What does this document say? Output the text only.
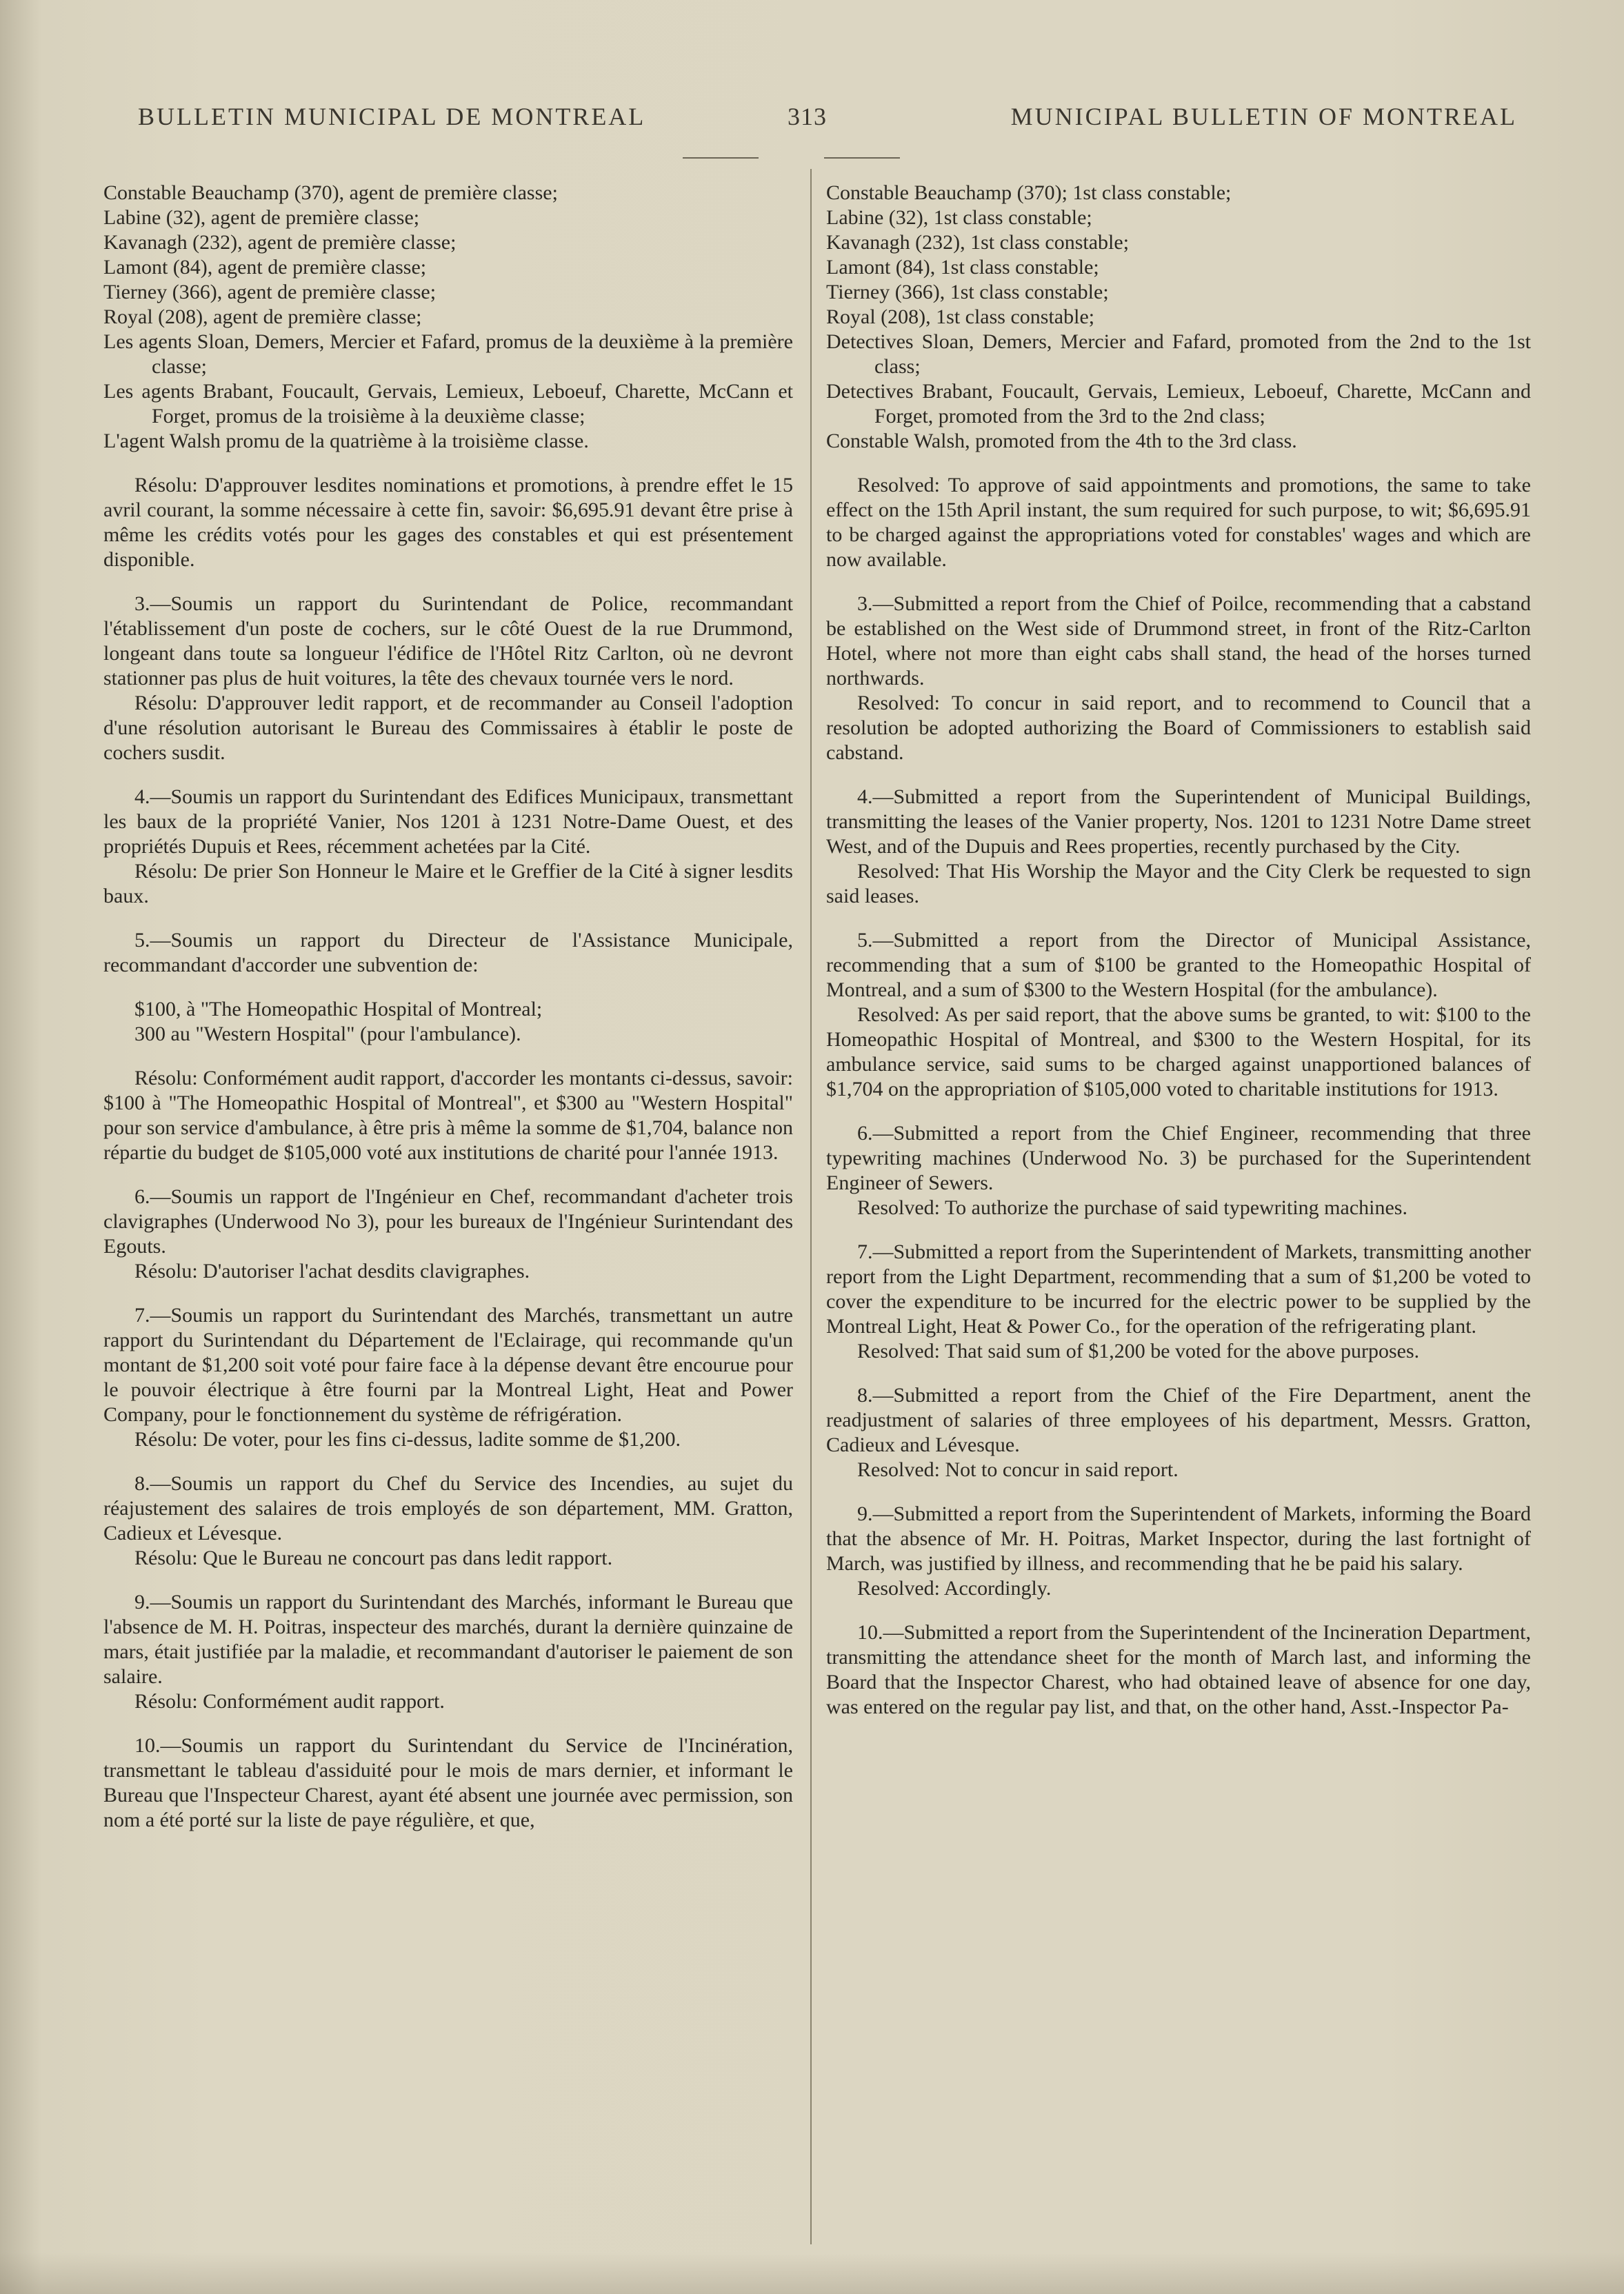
BULLETIN MUNICIPAL DE MONTREAL	313	MUNICIPAL BULLETIN OF MONTREAL

Constable Beauchamp (370), agent de première classe;

Labine (32), agent de première classe;

Kavanagh (232), agent de première classe;

Lamont (84), agent de première classe;

Tierney (366), agent de première classe;

Royal (208), agent de première classe;

Les agents Sloan, Demers, Mercier et Fafard, promus de la deuxième à la première classe;

Les agents Brabant, Foucault, Gervais, Lemieux, Leboeuf, Charette, McCann et Forget, promus de la troisième à la deuxième classe;

L'agent Walsh promu de la quatrième à la troisième classe.

Résolu: D'approuver lesdites nominations et promotions, à prendre effet le 15 avril courant, la somme nécessaire à cette fin, savoir: $6,695.91 devant être prise à même les crédits votés pour les gages des constables et qui est présentement disponible.

3.—Soumis un rapport du Surintendant de Police, recommandant l'établissement d'un poste de cochers, sur le côté Ouest de la rue Drummond, longeant dans toute sa longueur l'édifice de l'Hôtel Ritz Carlton, où ne devront stationner pas plus de huit voitures, la tête des chevaux tournée vers le nord.

Résolu: D'approuver ledit rapport, et de recommander au Conseil l'adoption d'une résolution autorisant le Bureau des Commissaires à établir le poste de cochers susdit.

4.—Soumis un rapport du Surintendant des Edifices Municipaux, transmettant les baux de la propriété Vanier, Nos 1201 à 1231 Notre-Dame Ouest, et des propriétés Dupuis et Rees, récemment achetées par la Cité.

Résolu: De prier Son Honneur le Maire et le Greffier de la Cité à signer lesdits baux.

5.—Soumis un rapport du Directeur de l'Assistance Municipale, recommandant d'accorder une subvention de:

$100, à "The Homeopathic Hospital of Montreal;

300 au "Western Hospital" (pour l'ambulance).

Résolu: Conformément audit rapport, d'accorder les montants ci-dessus, savoir: $100 à "The Homeopathic Hospital of Montreal", et $300 au "Western Hospital" pour son service d'ambulance, à être pris à même la somme de $1,704, balance non répartie du budget de $105,000 voté aux institutions de charité pour l'année 1913.

6.—Soumis un rapport de l'Ingénieur en Chef, recommandant d'acheter trois clavigraphes (Underwood No 3), pour les bureaux de l'Ingénieur Surintendant des Egouts.

Résolu: D'autoriser l'achat desdits clavigraphes.

7.—Soumis un rapport du Surintendant des Marchés, transmettant un autre rapport du Surintendant du Département de l'Eclairage, qui recommande qu'un montant de $1,200 soit voté pour faire face à la dépense devant être encourue pour le pouvoir électrique à être fourni par la Montreal Light, Heat and Power Company, pour le fonctionnement du système de réfrigération.

Résolu: De voter, pour les fins ci-dessus, ladite somme de $1,200.

8.—Soumis un rapport du Chef du Service des Incendies, au sujet du réajustement des salaires de trois employés de son département, MM. Gratton, Cadieux et Lévesque.

Résolu: Que le Bureau ne concourt pas dans ledit rapport.

9.—Soumis un rapport du Surintendant des Marchés, informant le Bureau que l'absence de M. H. Poitras, inspecteur des marchés, durant la dernière quinzaine de mars, était justifiée par la maladie, et recommandant d'autoriser le paiement de son salaire.

Résolu: Conformément audit rapport.

10.—Soumis un rapport du Surintendant du Service de l'Incinération, transmettant le tableau d'assiduité pour le mois de mars dernier, et informant le Bureau que l'Inspecteur Charest, ayant été absent une journée avec permission, son nom a été porté sur la liste de paye régulière, et que,

Constable Beauchamp (370); 1st class constable;

Labine (32), 1st class constable;

Kavanagh (232), 1st class constable;

Lamont (84), 1st class constable;

Tierney (366), 1st class constable;

Royal (208), 1st class constable;

Detectives Sloan, Demers, Mercier and Fafard, promoted from the 2nd to the 1st class;

Detectives Brabant, Foucault, Gervais, Lemieux, Leboeuf, Charette, McCann and Forget, promoted from the 3rd to the 2nd class;

Constable Walsh, promoted from the 4th to the 3rd class.

Resolved: To approve of said appointments and promotions, the same to take effect on the 15th April instant, the sum required for such purpose, to wit; $6,695.91 to be charged against the appropriations voted for constables' wages and which are now available.

3.—Submitted a report from the Chief of Poilce, recommending that a cabstand be established on the West side of Drummond street, in front of the Ritz-Carlton Hotel, where not more than eight cabs shall stand, the head of the horses turned northwards.

Resolved: To concur in said report, and to recommend to Council that a resolution be adopted authorizing the Board of Commissioners to establish said cabstand.

4.—Submitted a report from the Superintendent of Municipal Buildings, transmitting the leases of the Vanier property, Nos. 1201 to 1231 Notre Dame street West, and of the Dupuis and Rees properties, recently purchased by the City.

Resolved: That His Worship the Mayor and the City Clerk be requested to sign said leases.

5.—Submitted a report from the Director of Municipal Assistance, recommending that a sum of $100 be granted to the Homeopathic Hospital of Montreal, and a sum of $300 to the Western Hospital (for the ambulance).

Resolved: As per said report, that the above sums be granted, to wit: $100 to the Homeopathic Hospital of Montreal, and $300 to the Western Hospital, for its ambulance service, said sums to be charged against unapportioned balances of $1,704 on the appropriation of $105,000 voted to charitable institutions for 1913.

6.—Submitted a report from the Chief Engineer, recommending that three typewriting machines (Underwood No. 3) be purchased for the Superintendent Engineer of Sewers.

Resolved: To authorize the purchase of said typewriting machines.

7.—Submitted a report from the Superintendent of Markets, transmitting another report from the Light Department, recommending that a sum of $1,200 be voted to cover the expenditure to be incurred for the electric power to be supplied by the Montreal Light, Heat & Power Co., for the operation of the refrigerating plant.

Resolved: That said sum of $1,200 be voted for the above purposes.

8.—Submitted a report from the Chief of the Fire Department, anent the readjustment of salaries of three employees of his department, Messrs. Gratton, Cadieux and Lévesque.

Resolved: Not to concur in said report.

9.—Submitted a report from the Superintendent of Markets, informing the Board that the absence of Mr. H. Poitras, Market Inspector, during the last fortnight of March, was justified by illness, and recommending that he be paid his salary.

Resolved: Accordingly.

10.—Submitted a report from the Superintendent of the Incineration Department, transmitting the attendance sheet for the month of March last, and informing the Board that the Inspector Charest, who had obtained leave of absence for one day, was entered on the regular pay list, and that, on the other hand, Asst.-Inspector Pa-
